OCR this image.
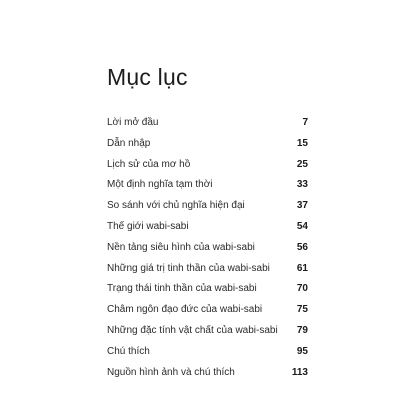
Mục lục
Lời mở đầu	7
Dẫn nhập	15
Lịch sử của mơ hồ	25
Một định nghĩa tạm thời	33
So sánh với chủ nghĩa hiện đại	37
Thế giới wabi-sabi	54
Nền tảng siêu hình của wabi-sabi	56
Những giá trị tinh thần của wabi-sabi	61
Trạng thái tinh thần của wabi-sabi	70
Châm ngôn đạo đức của wabi-sabi	75
Những đặc tính vật chất của wabi-sabi 79
Chú thích	95
Nguồn hình ảnh và chú thích	113
